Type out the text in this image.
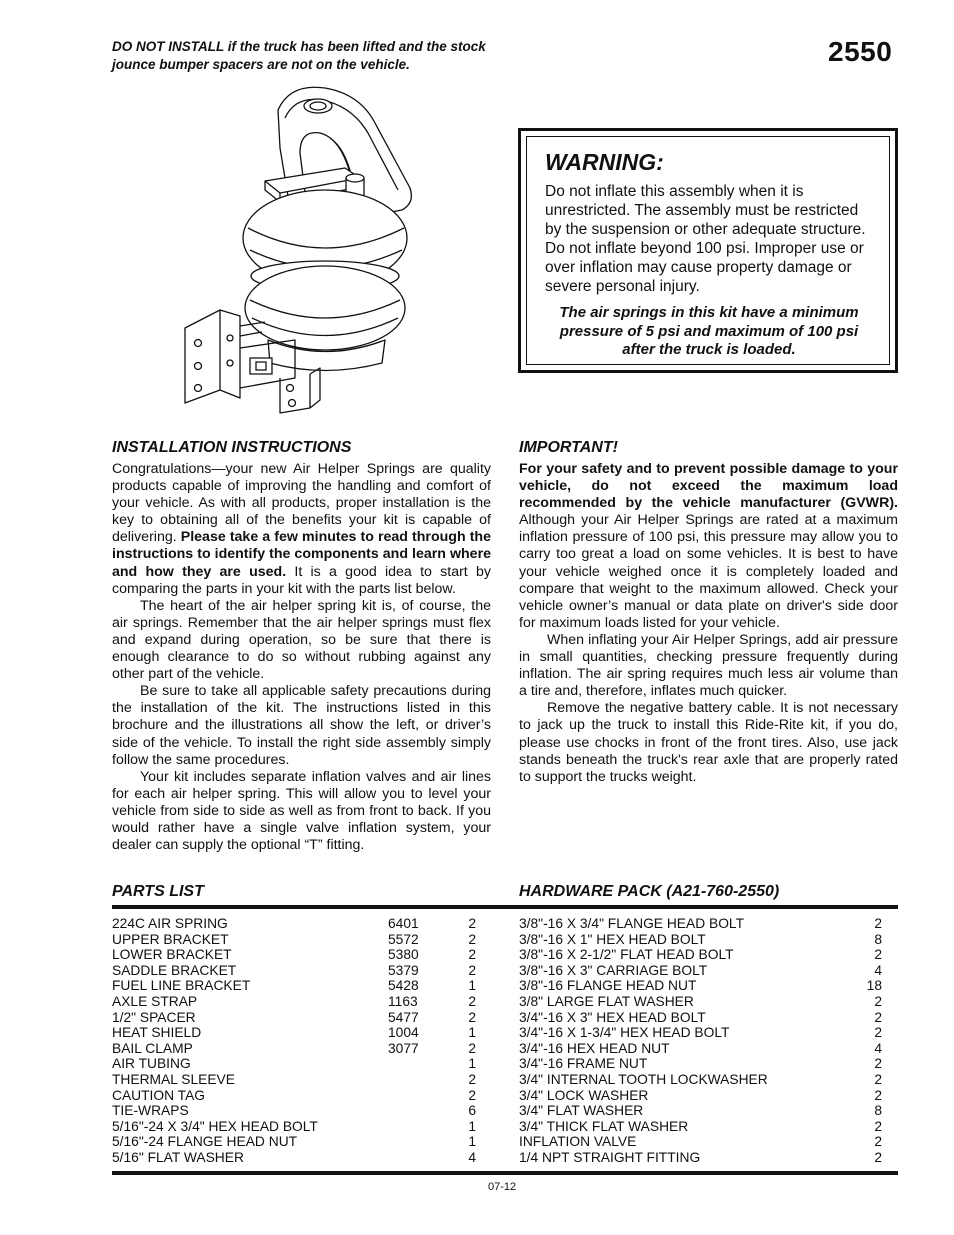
DO NOT INSTALL if the truck has been lifted and the stock jounce bumper spacers are not on the vehicle.	2550

WARNING:

Do not inflate this assembly when it is unrestricted. The assembly must be restricted by the suspension or other adequate structure. Do not inflate beyond 100 psi. Improper use or over inflation may cause property damage or severe personal injury.

The air springs in this kit have a minimum pressure of 5 psi and maximum of 100 psi after the truck is loaded.

INSTALLATION INSTRUCTIONS

Congratulations—your new Air Helper Springs are quality products capable of improving the handling and comfort of your vehicle. As with all products, proper installation is the key to obtaining all of the benefits your kit is capable of delivering. Please take a few minutes to read through the instructions to identify the components and learn where and how they are used. It is a good idea to start by comparing the parts in your kit with the parts list below.

The heart of the air helper spring kit is, of course, the air springs. Remember that the air helper springs must flex and expand during operation, so be sure that there is enough clearance to do so without rubbing against any other part of the vehicle.

Be sure to take all applicable safety precautions during the installation of the kit. The instructions listed in this brochure and the illustrations all show the left, or driver’s side of the vehicle. To install the right side assembly simply follow the same procedures.

Your kit includes separate inflation valves and air lines for each air helper spring. This will allow you to level your vehicle from side to side as well as from front to back. If you would rather have a single valve inflation system, your dealer can supply the optional “T” fitting.

IMPORTANT!

For your safety and to prevent possible damage to your vehicle, do not exceed the maximum load recommended by the vehicle manufacturer (GVWR). Although your Air Helper Springs are rated at a maximum inflation pressure of 100 psi, this pressure may allow you to carry too great a load on some vehicles. It is best to have your vehicle weighed once it is completely loaded and compare that weight to the maximum allowed. Check your vehicle owner’s manual or data plate on driver's side door for maximum loads listed for your vehicle.

When inflating your Air Helper Springs, add air pressure in small quantities, checking pressure frequently during inflation. The air spring requires much less air volume than a tire and, therefore, inflates much quicker.

Remove the negative battery cable. It is not necessary to jack up the truck to install this Ride-Rite kit, if you do, please use chocks in front of the front tires. Also, use jack stands beneath the truck's rear axle that are properly rated to support the trucks weight.

PARTS LIST	HARDWARE PACK (A21-760-2550)
224C AIR SPRING	6401	2
UPPER BRACKET	5572	2
LOWER BRACKET	5380	2
SADDLE BRACKET	5379	2
FUEL LINE BRACKET	5428	1
AXLE STRAP	1163	2
1/2" SPACER	5477	2
HEAT SHIELD	1004	1
BAIL CLAMP	3077	2
AIR TUBING		1
THERMAL SLEEVE		2
CAUTION TAG		2
TIE-WRAPS		6
5/16"-24 X 3/4" HEX HEAD BOLT		1
5/16"-24 FLANGE HEAD NUT		1
5/16" FLAT WASHER		4
3/8"-16 X 3/4" FLANGE HEAD BOLT	2
3/8"-16 X 1" HEX HEAD BOLT	8
3/8"-16 X 2-1/2" FLAT HEAD BOLT	2
3/8"-16 X 3" CARRIAGE BOLT	4
3/8"-16 FLANGE HEAD NUT	18
3/8" LARGE FLAT WASHER	2
3/4"-16 X 3" HEX HEAD BOLT	2
3/4"-16 X 1-3/4" HEX HEAD BOLT	2
3/4"-16 HEX HEAD NUT	4
3/4"-16 FRAME NUT	2
3/4" INTERNAL TOOTH LOCKWASHER	2
3/4" LOCK WASHER	2
3/4" FLAT WASHER	8
3/4" THICK FLAT WASHER	2
INFLATION VALVE	2
1/4 NPT STRAIGHT FITTING	2
07-12
